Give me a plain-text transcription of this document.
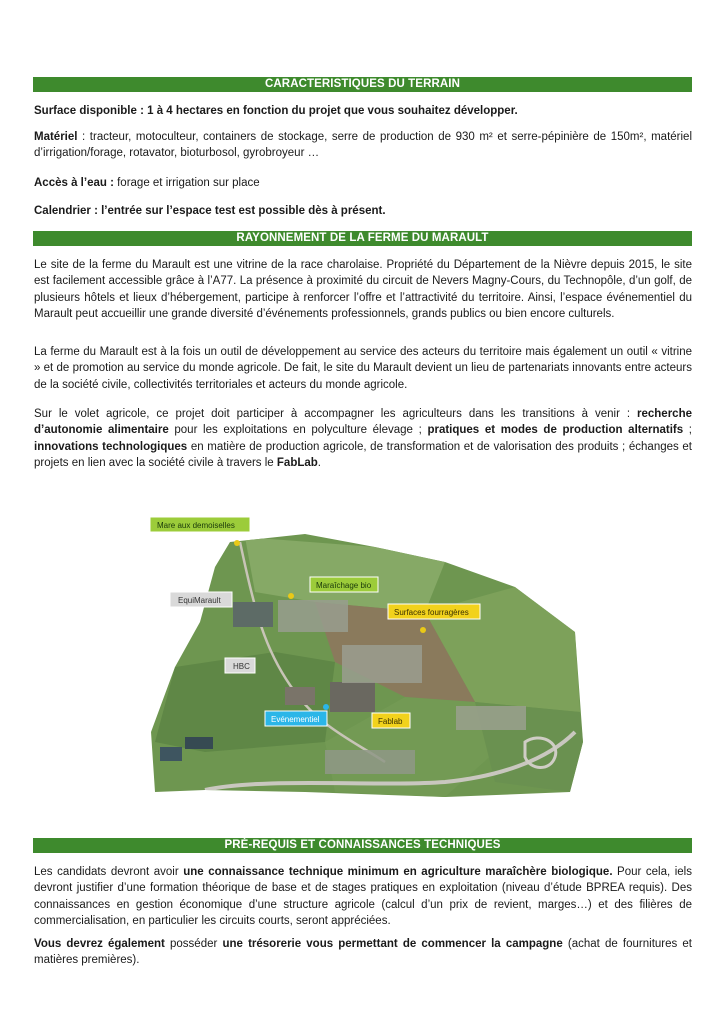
CARACTERISTIQUES DU TERRAIN

Surface disponible : 1 à 4 hectares en fonction du projet que vous souhaitez développer.

Matériel : tracteur, motoculteur, containers de stockage, serre de production de 930 m² et serre-pépinière de 150m², matériel d’irrigation/forage, rotavator, bioturbosol, gyrobroyeur …

Accès à l’eau : forage et irrigation sur place

Calendrier : l’entrée sur l’espace test est possible dès à présent.

RAYONNEMENT DE LA FERME DU MARAULT

Le site de la ferme du Marault est une vitrine de la race charolaise. Propriété du Département de la Nièvre depuis 2015, le site est facilement accessible grâce à l’A77. La présence à proximité du circuit de Nevers Magny-Cours, du Technopôle, d’un golf, de plusieurs hôtels et lieux d’hébergement, participe à renforcer l’offre et l’attractivité du territoire. Ainsi, l’espace événementiel du Marault peut accueillir une grande diversité d’événements professionnels, grands publics ou bien encore culturels.

La ferme du Marault est à la fois un outil de développement au service des acteurs du territoire mais également un outil « vitrine » et de promotion au service du monde agricole. De fait, le site du Marault devient un lieu de partenariats innovants entre acteurs de la société civile, collectivités territoriales et acteurs du monde agricole.

Sur le volet agricole, ce projet doit participer à accompagner les agriculteurs dans les transitions à venir : recherche d’autonomie alimentaire pour les exploitations en polyculture élevage ; pratiques et modes de production alternatifs ; innovations technologiques en matière de production agricole, de transformation et de valorisation des produits ; échanges et projets en lien avec la société civile à travers le FabLab.

Mare aux demoiselles
Maraîchage bio
EquiMarault
Surfaces fourragères
HBC
Evénementiel	Fablab
PRÉ-REQUIS ET CONNAISSANCES TECHNIQUES

Les candidats devront avoir une connaissance technique minimum en agriculture maraîchère biologique. Pour cela, iels devront justifier d’une formation théorique de base et de stages pratiques en exploitation (niveau d’étude BPREA requis). Des connaissances en gestion économique d’une structure agricole (calcul d’un prix de revient, marges…) et des filières de commercialisation, en particulier les circuits courts, seront appréciées.

Vous devrez également posséder une trésorerie vous permettant de commencer la campagne (achat de fournitures et matières premières).
